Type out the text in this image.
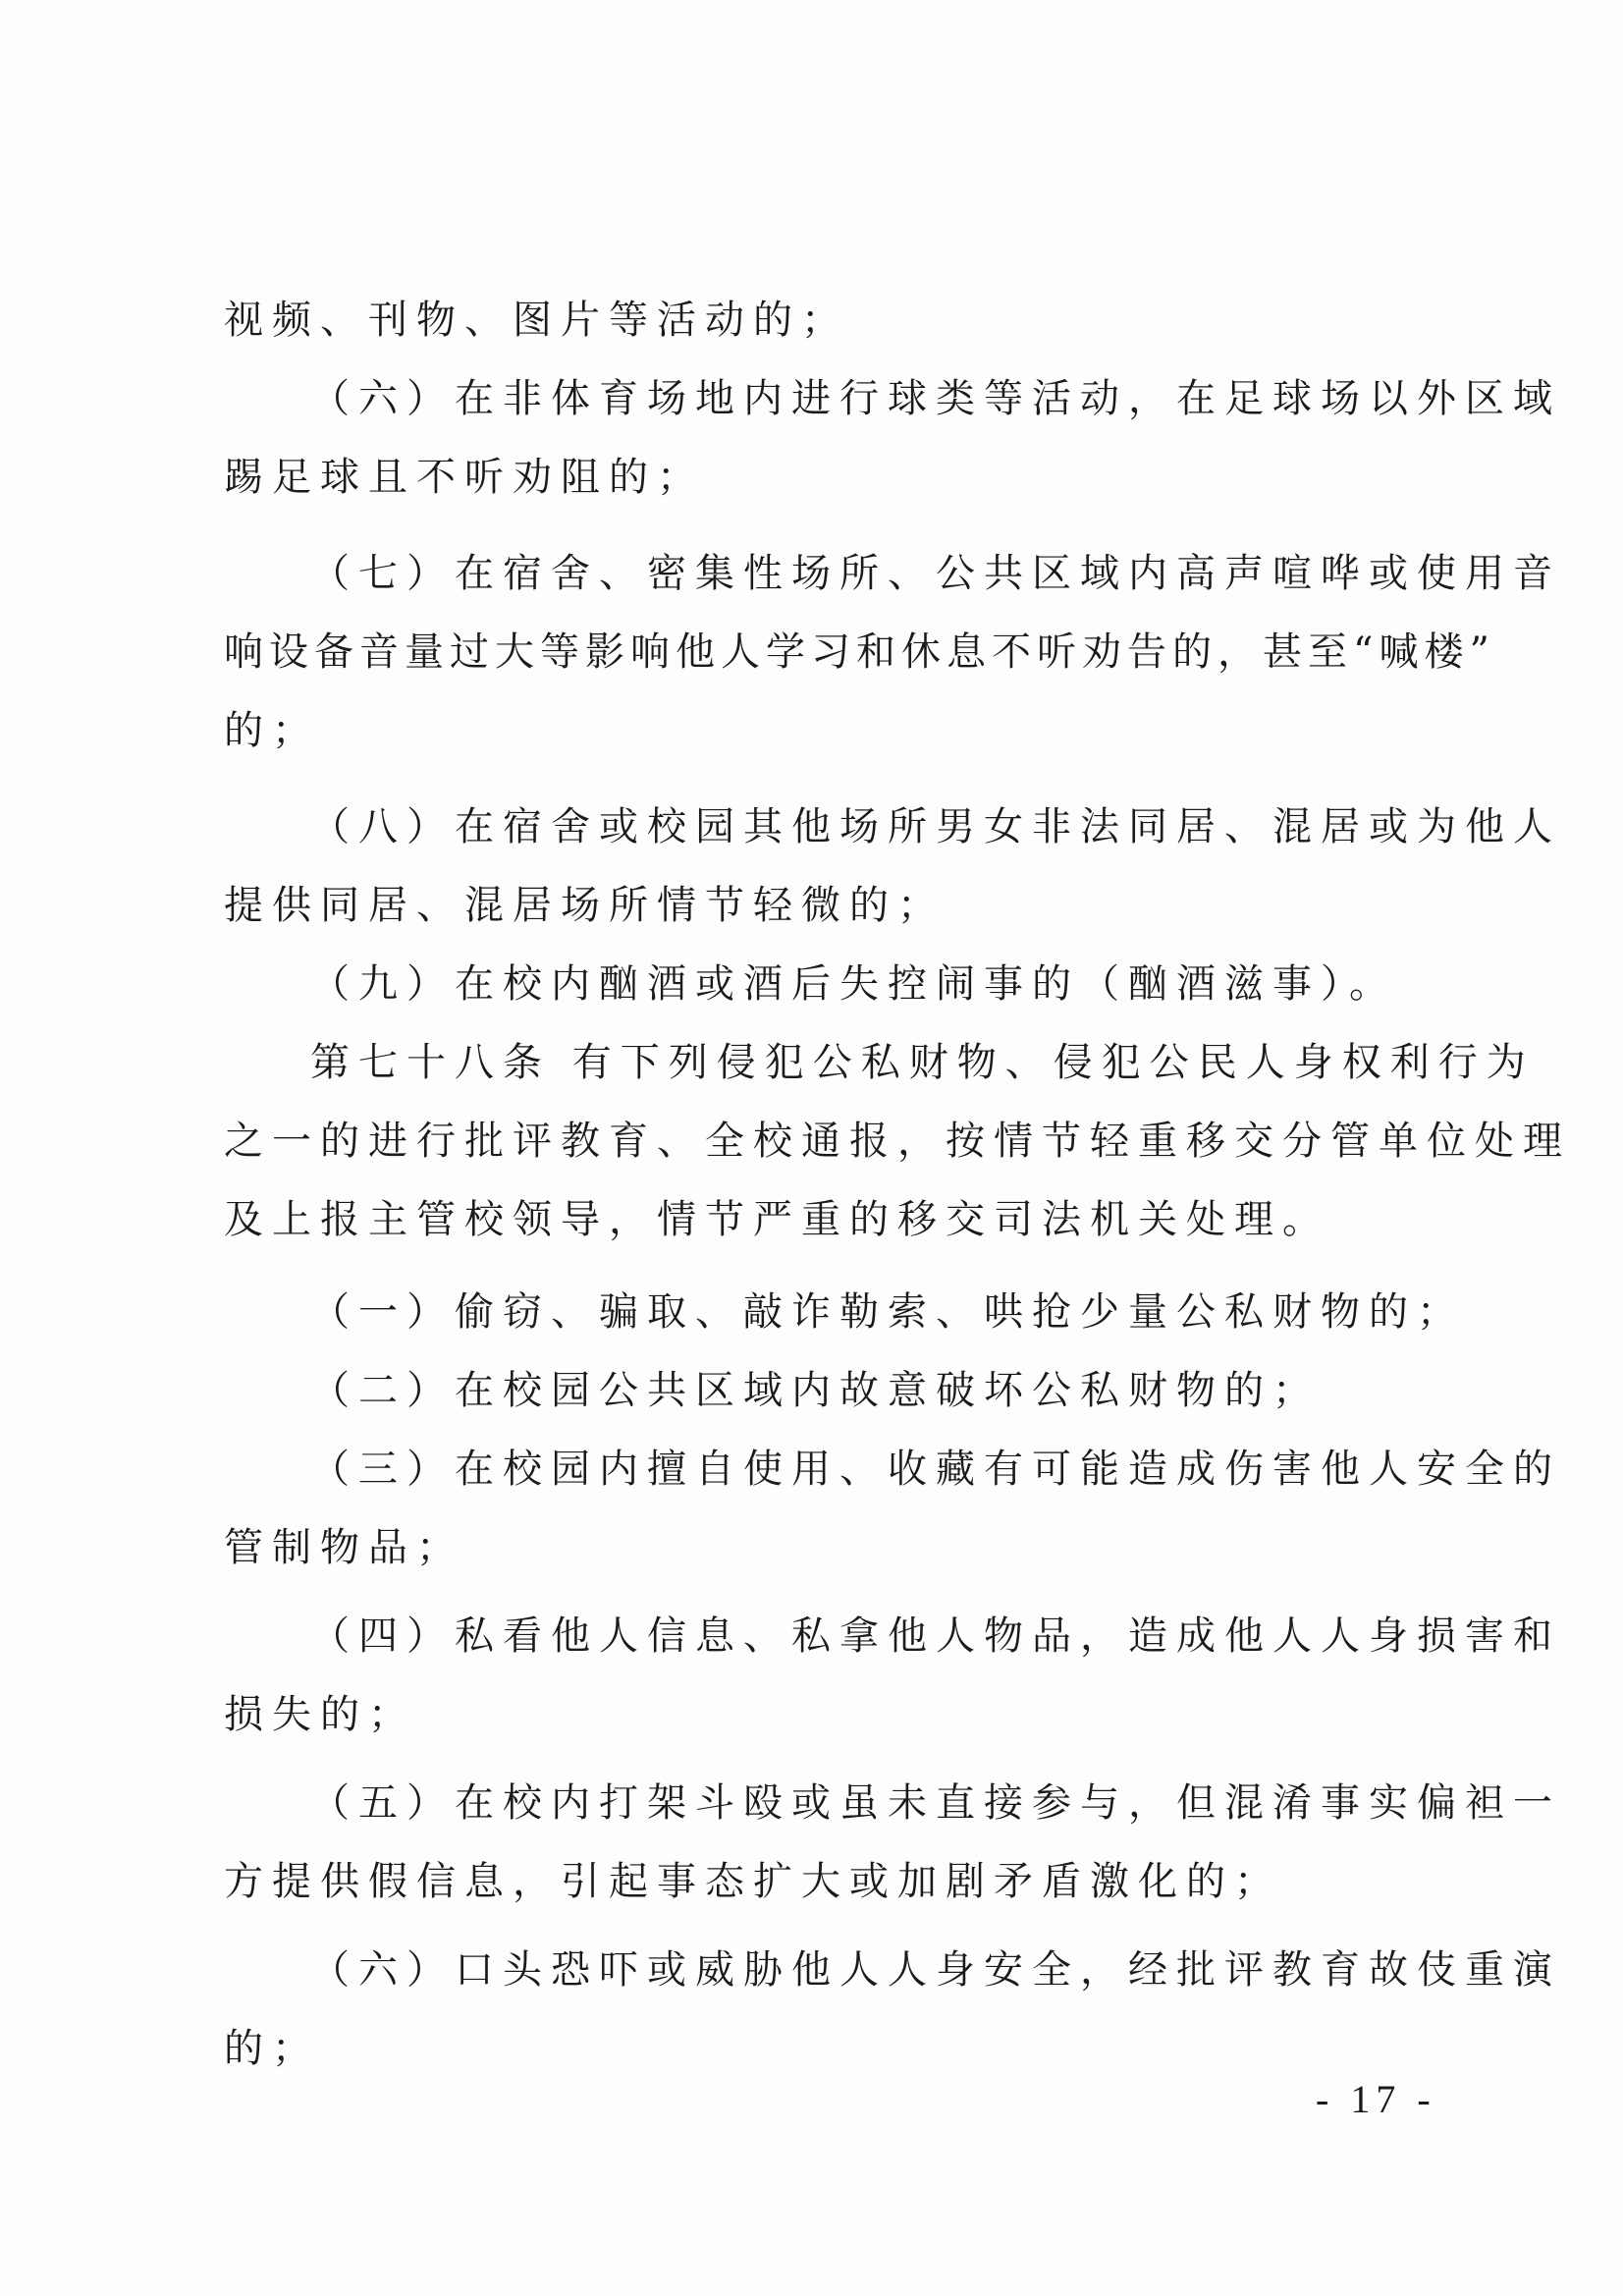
视频、刊物、图片等活动的；
（六）在非体育场地内进行球类等活动，在足球场以外区域
踢足球且不听劝阻的；
（七）在宿舍、密集性场所、公共区域内高声喧哗或使用音
响设备音量过大等影响他人学习和休息不听劝告的，甚至“喊楼”
的；
（八）在宿舍或校园其他场所男女非法同居、混居或为他人
提供同居、混居场所情节轻微的；
（九）在校内酗酒或酒后失控闹事的（酗酒滋事）。
第七十八条 有下列侵犯公私财物、侵犯公民人身权利行为
之一的进行批评教育、全校通报，按情节轻重移交分管单位处理
及上报主管校领导，情节严重的移交司法机关处理。
（一）偷窃、骗取、敲诈勒索、哄抢少量公私财物的；
（二）在校园公共区域内故意破坏公私财物的；
（三）在校园内擅自使用、收藏有可能造成伤害他人安全的
管制物品；
（四）私看他人信息、私拿他人物品，造成他人人身损害和
损失的；
（五）在校内打架斗殴或虽未直接参与，但混淆事实偏袒一
方提供假信息，引起事态扩大或加剧矛盾激化的；
（六）口头恐吓或威胁他人人身安全，经批评教育故伎重演
的；
- 17 -
